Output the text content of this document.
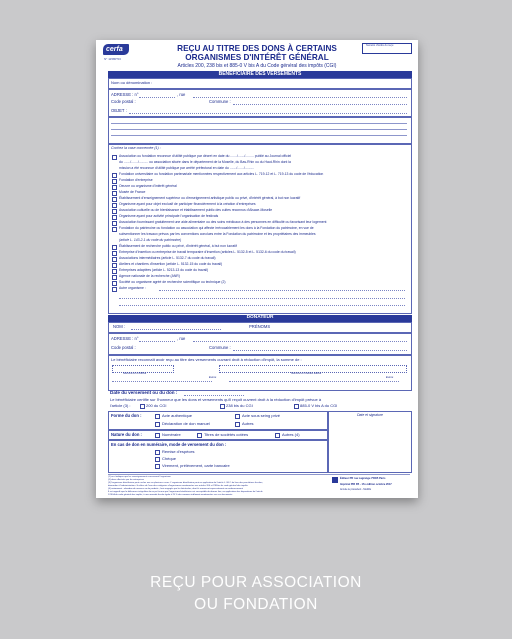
cerfa
N° 11580*03
Numéro d'ordre du reçu
REÇU AU TITRE DES DONS À CERTAINS
ORGANISMES D'INTÉRÊT GÉNÉRAL
Articles 200, 238 bis et 885-0 V bis A du Code général des impôts (CGI)
BÉNÉFICIAIRE DES VERSEMENTS
Nom ou dénomination :
ADRESSE : n°	, rue
Code postal :	Commune :
OBJET :
Cochez la case concernée (1) :
Association ou fondation reconnue d'utilité publique par décret en date du ......./......./......... publié au Journal officiel
du ......./......./.......... ou association située dans le département de la Moselle, du Bas-Rhin ou du Haut-Rhin dont la
mission a été reconnue d'utilité publique par arrêté préfectoral en date du ......./......./..........
Fondation universitaire ou fondation partenariale mentionnées respectivement aux articles L. 719-12 et L. 719-13 du code de l'éducation
Fondation d'entreprise
Oeuvre ou organisme d'intérêt général
Musée de France
Établissement d'enseignement supérieur ou d'enseignement artistique public ou privé, d'intérêt général, à but non lucratif
Organisme ayant pour objet exclusif de participer financièrement à la création d'entreprises
Association cultuelle ou de bienfaisance et établissement public des cultes reconnus d'Alsace-Moselle
Organisme ayant pour activité principale l'organisation de festivals
Association fournissant gratuitement une aide alimentaire ou des soins médicaux à des personnes en difficulté ou favorisant leur logement
Fondation du patrimoine ou fondation ou association qui affecte irrévocablement les dons à la Fondation du patrimoine, en vue de
subventionner les travaux prévus par les conventions conclues entre la Fondation du patrimoine et les propriétaires des immeubles
(article L. 143-2-1 du code du patrimoine)
Établissement de recherche public ou privé, d'intérêt général, à but non lucratif
Entreprise d'insertion ou entreprise de travail temporaire d'insertion (articles L. 5132-5 et L. 5132-6 du code du travail)
Associations intermédiaires (article L. 5132-7 du code du travail)
Ateliers et chantiers d'insertion (article L. 5132-15 du code du travail)
Entreprises adaptées (article L. 5213-13 du code du travail)
Agence nationale de la recherche (ANR)
Société ou organisme agréé de recherche scientifique ou technique (2)
Autre organisme :
DONATEUR
NOM :	PRÉNOMS
ADRESSE : n°	, rue
Code postal :	Commune :
Le bénéficiaire reconnaît avoir reçu au titre des versements ouvrant droit à réduction d'impôt, la somme de :
Somme en chiffres	Somme en toutes lettres
Euros	Euros
Date du versement ou du don :
Le bénéficiaire certifie sur l'honneur que les dons et versements qu'il reçoit ouvrent droit à la réduction d'impôt prévue à
l'article (3) :	200 du CGI	238 bis du CGI	885-0 V bis A du CGI
Forme du don :	Acte authentique	Acte sous seing privé
Déclaration de don manuel	Autres
Date et signature
Nature du don :	Numéraire	Titres de sociétés cotées	Autres (4)
En cas de don en numéraire, mode de versement du don :
Remise d'espèces
Chèque
Virement, prélèvement, carte bancaire
(1) ou n'indiquer que les renseignements concernant l'organisme
(2) dons effectués par les entreprises
(3) l'organisme bénéficiaire peut cocher une ou plusieurs cases. L'organisme bénéficiaire peut en application de l'article L. 80 C du livre des procédures fiscales,
demander à l'administration s'il relève de l'une des catégories d'organismes mentionnées aux articles 200 et 238 bis du code général des impôts.
(4) notamment : abandon de revenus ou de produits ; frais engagés par les bénévoles, dont ils renoncent expressément au remboursement
Il est rappelé que la délivrance irrégulière de reçus fiscaux par l'organisme bénéficiaire est susceptible de donner lieu, en application des dispositions de l'article
1740 A du code général des impôts, à une amende fiscale égale à 25 % des sommes indûment mentionnées sur ces documents.
Éditeur PR rue Lagrange 75005 Paris
Imprimé PIR R5 - 17e édition octobre 2017
Annule le précédent - Modifié
REÇU POUR ASSOCIATION
OU FONDATION
